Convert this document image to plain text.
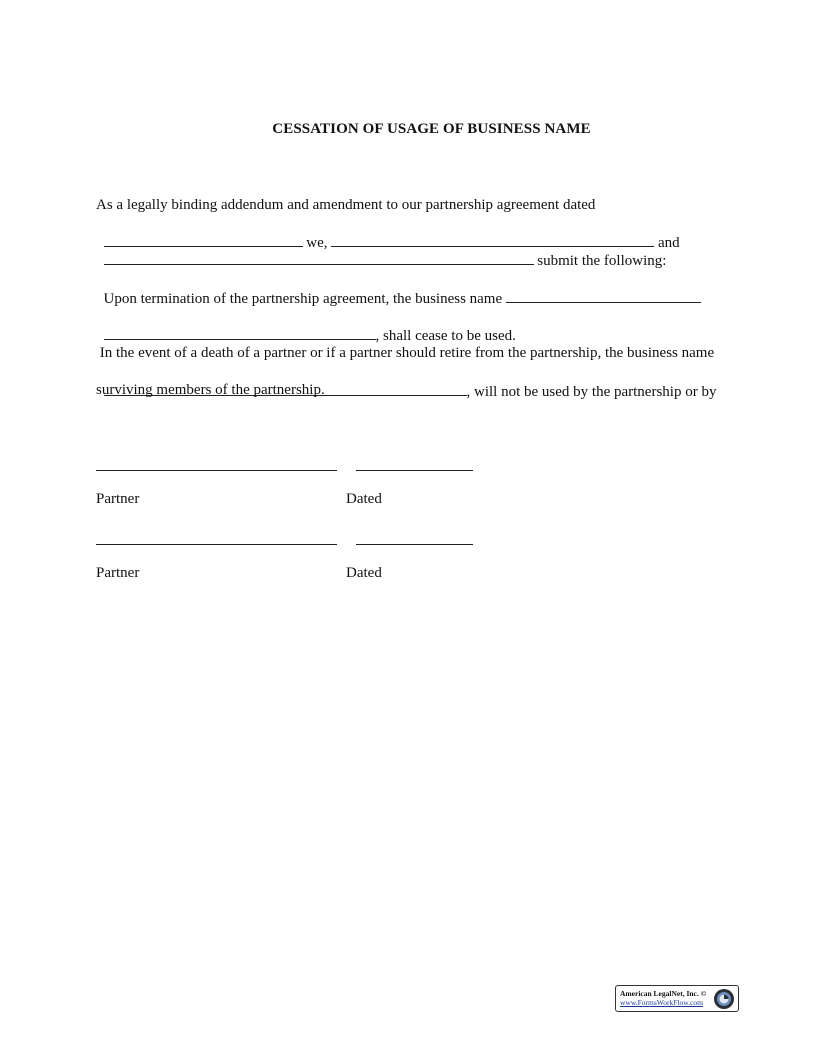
CESSATION OF USAGE OF BUSINESS NAME
As a legally binding addendum and amendment to our partnership agreement dated

we,	and

submit the following:

Upon termination of the partnership agreement, the business name

, shall cease to be used.

In the event of a death of a partner or if a partner should retire from the partnership, the business name

, will not be used by the partnership or by

surviving members of the partnership.
Partner	Dated
Partner	Dated
American LegalNet, Inc. ©
www.FormsWorkFlow.com
